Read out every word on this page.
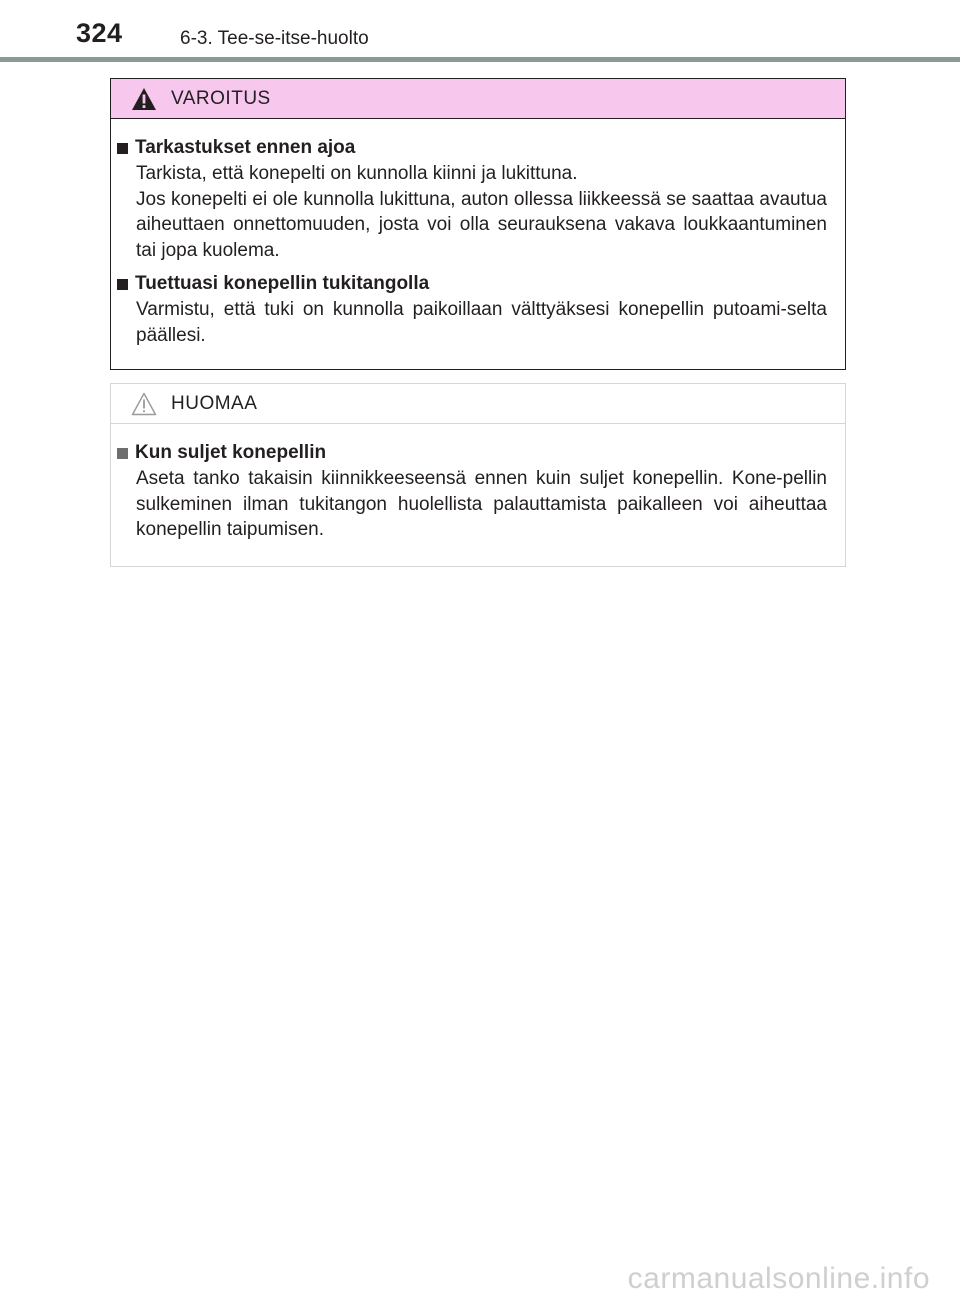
324	6-3. Tee-se-itse-huolto
VAROITUS
Tarkastukset ennen ajoa

Tarkista, että konepelti on kunnolla kiinni ja lukittuna.

Jos konepelti ei ole kunnolla lukittuna, auton ollessa liikkeessä se saattaa avautua aiheuttaen onnettomuuden, josta voi olla seurauksena vakava loukkaantuminen tai jopa kuolema.

Tuettuasi konepellin tukitangolla

Varmistu, että tuki on kunnolla paikoillaan välttyäksesi konepellin putoami-selta päällesi.

HUOMAA
Kun suljet konepellin

Aseta tanko takaisin kiinnikkeeseensä ennen kuin suljet konepellin. Kone-pellin sulkeminen ilman tukitangon huolellista palauttamista paikalleen voi aiheuttaa konepellin taipumisen.

carmanualsonline.info
